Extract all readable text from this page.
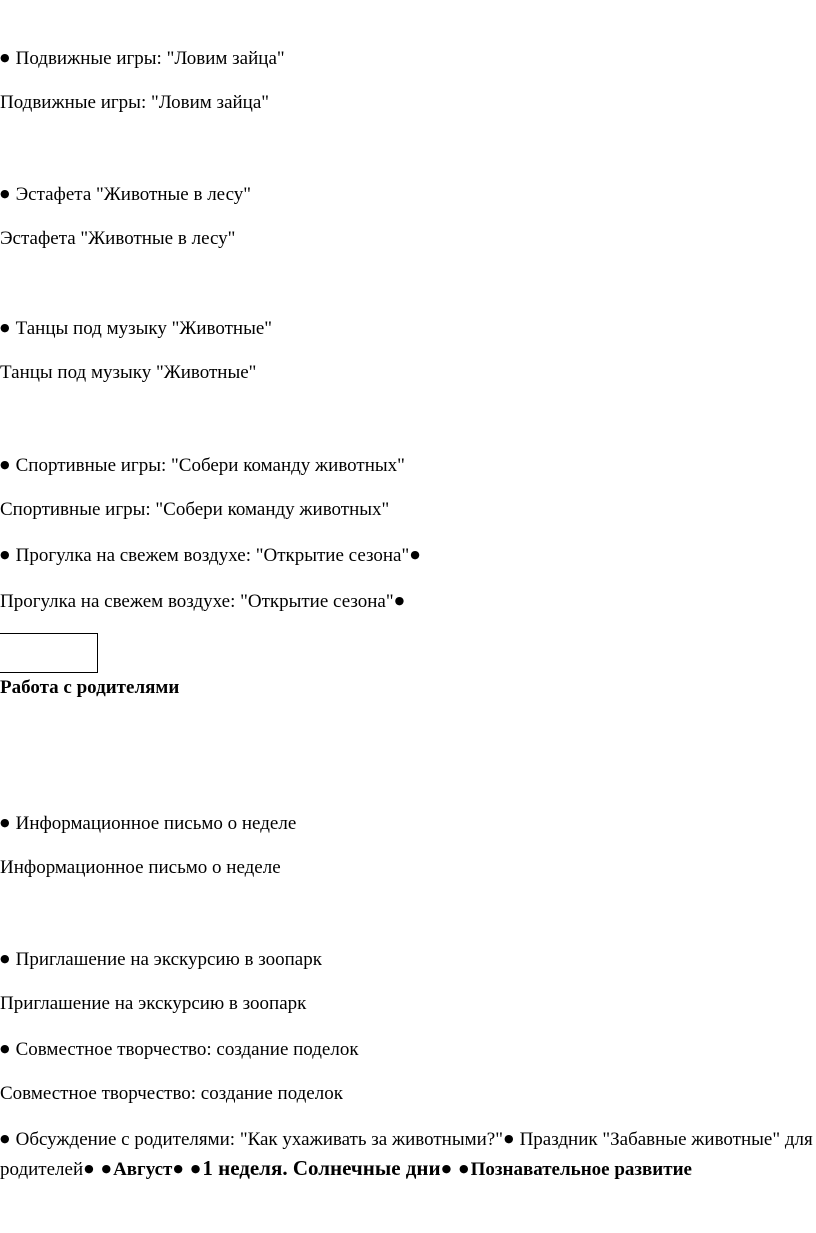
● Подвижные игры: "Ловим зайца"
Подвижные игры: "Ловим зайца"
● Эстафета "Животные в лесу"
Эстафета "Животные в лесу"
● Танцы под музыку "Животные"
Танцы под музыку "Животные"
● Спортивные игры: "Собери команду животных"
Спортивные игры: "Собери команду животных"
● Прогулка на свежем воздухе: "Открытие сезона"●
Прогулка на свежем воздухе: "Открытие сезона"●
Работа с родителями
● Информационное письмо о неделе
Информационное письмо о неделе
● Приглашение на экскурсию в зоопарк
Приглашение на экскурсию в зоопарк
● Совместное творчество: создание поделок
Совместное творчество: создание поделок
● Обсуждение с родителями: "Как ухаживать за животными?"● Праздник "Забавные животные" для родителей● ● Август● ●1 неделя. Солнечные дни● ● Познавательное развитие
